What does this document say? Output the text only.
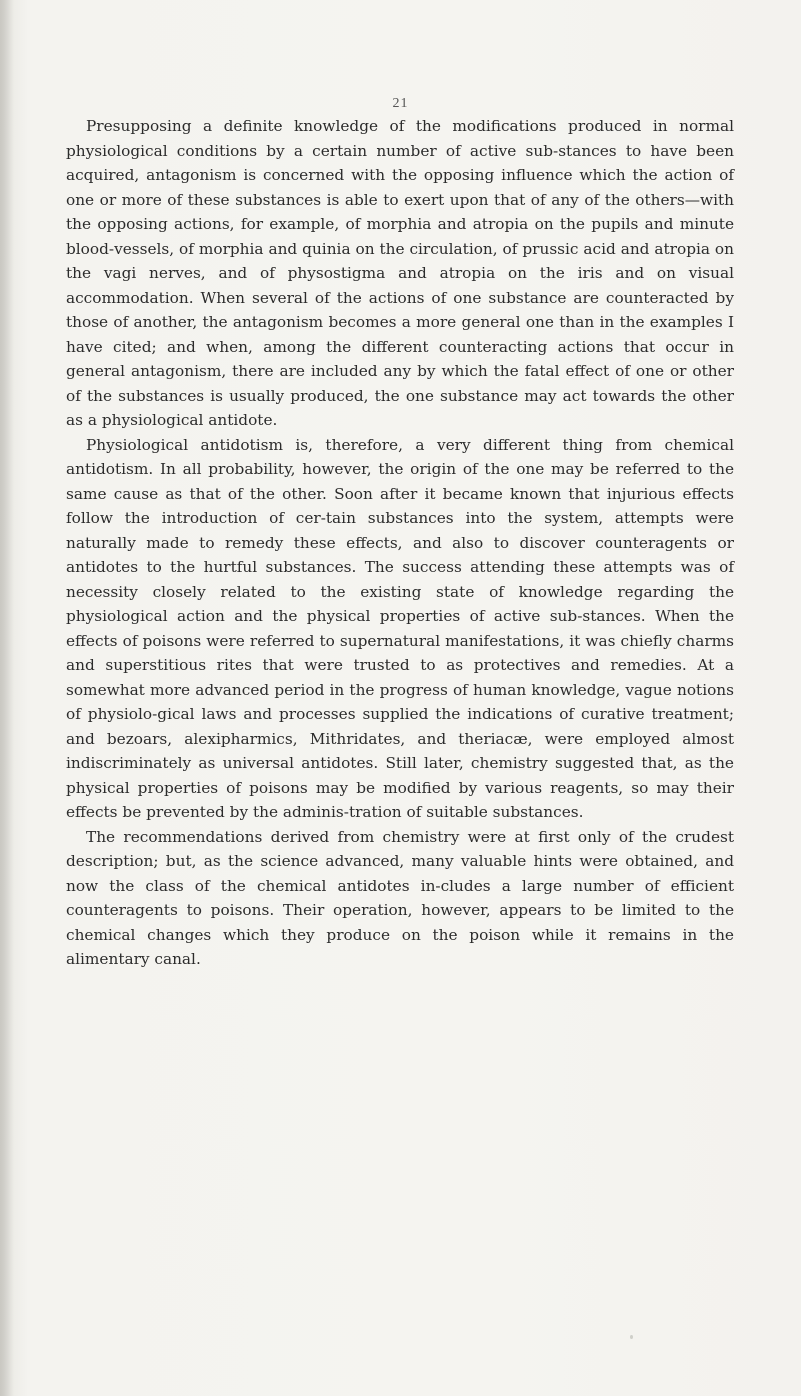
21

Presupposing a definite knowledge of the modifications produced in normal physiological conditions by a certain number of active sub-stances to have been acquired, antagonism is concerned with the opposing influence which the action of one or more of these substances is able to exert upon that of any of the others—with the opposing actions, for example, of morphia and atropia on the pupils and minute blood-vessels, of morphia and quinia on the circulation, of prussic acid and atropia on the vagi nerves, and of physostigma and atropia on the iris and on visual accommodation. When several of the actions of one substance are counteracted by those of another, the antagonism becomes a more general one than in the examples I have cited; and when, among the different counteracting actions that occur in general antagonism, there are included any by which the fatal effect of one or other of the substances is usually produced, the one substance may act towards the other as a physiological antidote.

Physiological antidotism is, therefore, a very different thing from chemical antidotism. In all probability, however, the origin of the one may be referred to the same cause as that of the other. Soon after it became known that injurious effects follow the introduction of cer-tain substances into the system, attempts were naturally made to remedy these effects, and also to discover counteragents or antidotes to the hurtful substances. The success attending these attempts was of necessity closely related to the existing state of knowledge regarding the physiological action and the physical properties of active sub-stances. When the effects of poisons were referred to supernatural manifestations, it was chiefly charms and superstitious rites that were trusted to as protectives and remedies. At a somewhat more advanced period in the progress of human knowledge, vague notions of physiolo-gical laws and processes supplied the indications of curative treatment; and bezoars, alexipharmics, Mithridates, and theriacæ, were employed almost indiscriminately as universal antidotes. Still later, chemistry suggested that, as the physical properties of poisons may be modified by various reagents, so may their effects be prevented by the adminis-tration of suitable substances.

The recommendations derived from chemistry were at first only of the crudest description; but, as the science advanced, many valuable hints were obtained, and now the class of the chemical antidotes in-cludes a large number of efficient counteragents to poisons. Their operation, however, appears to be limited to the chemical changes which they produce on the poison while it remains in the alimentary canal.
